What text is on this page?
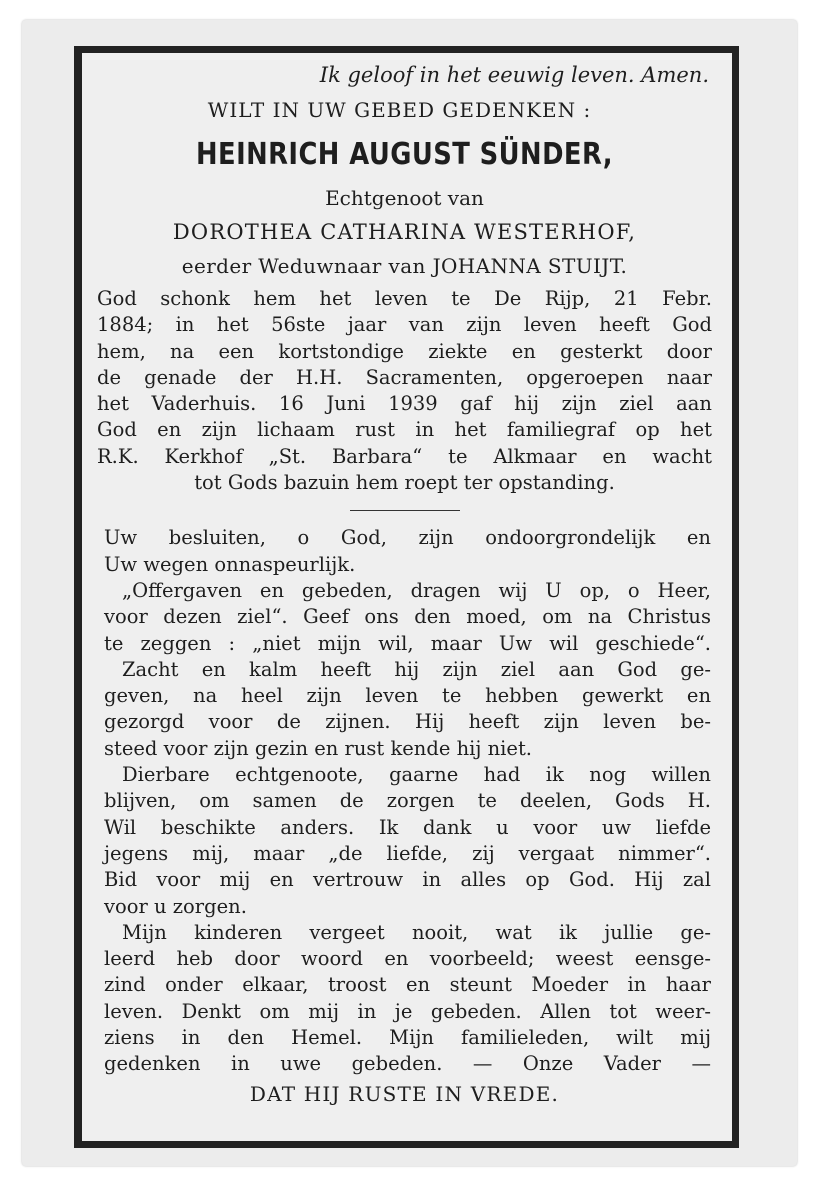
Ik geloof in het eeuwig leven. Amen.
WILT IN UW GEBED GEDENKEN :
HEINRICH AUGUST SÜNDER,
Echtgenoot van
DOROTHEA CATHARINA WESTERHOF,
eerder Weduwnaar van JOHANNA STUIJT.

God schonk hem het leven te De Rijp, 21 Febr.

1884; in het 56ste jaar van zijn leven heeft God

hem, na een kortstondige ziekte en gesterkt door

de genade der H.H. Sacramenten, opgeroepen naar

het Vaderhuis. 16 Juni 1939 gaf hij zijn ziel aan

God en zijn lichaam rust in het familiegraf op het

R.K. Kerkhof „St. Barbara“ te Alkmaar en wacht

tot Gods bazuin hem roept ter opstanding.

Uw besluiten, o God, zijn ondoorgrondelijk en

Uw wegen onnaspeurlijk.

„Offergaven en gebeden, dragen wij U op, o Heer,

voor dezen ziel“. Geef ons den moed, om na Christus

te zeggen : „niet mijn wil, maar Uw wil geschiede“.

Zacht en kalm heeft hij zijn ziel aan God ge-

geven, na heel zijn leven te hebben gewerkt en

gezorgd voor de zijnen. Hij heeft zijn leven be-

steed voor zijn gezin en rust kende hij niet.

Dierbare echtgenoote, gaarne had ik nog willen

blijven, om samen de zorgen te deelen, Gods H.

Wil beschikte anders. Ik dank u voor uw liefde

jegens mij, maar „de liefde, zij vergaat nimmer“.

Bid voor mij en vertrouw in alles op God. Hij zal

voor u zorgen.

Mijn kinderen vergeet nooit, wat ik jullie ge-

leerd heb door woord en voorbeeld; weest eensge-

zind onder elkaar, troost en steunt Moeder in haar

leven. Denkt om mij in je gebeden. Allen tot weer-

ziens in den Hemel. Mijn familieleden, wilt mij

gedenken in uwe gebeden. — Onze Vader —

DAT HIJ RUSTE IN VREDE.
